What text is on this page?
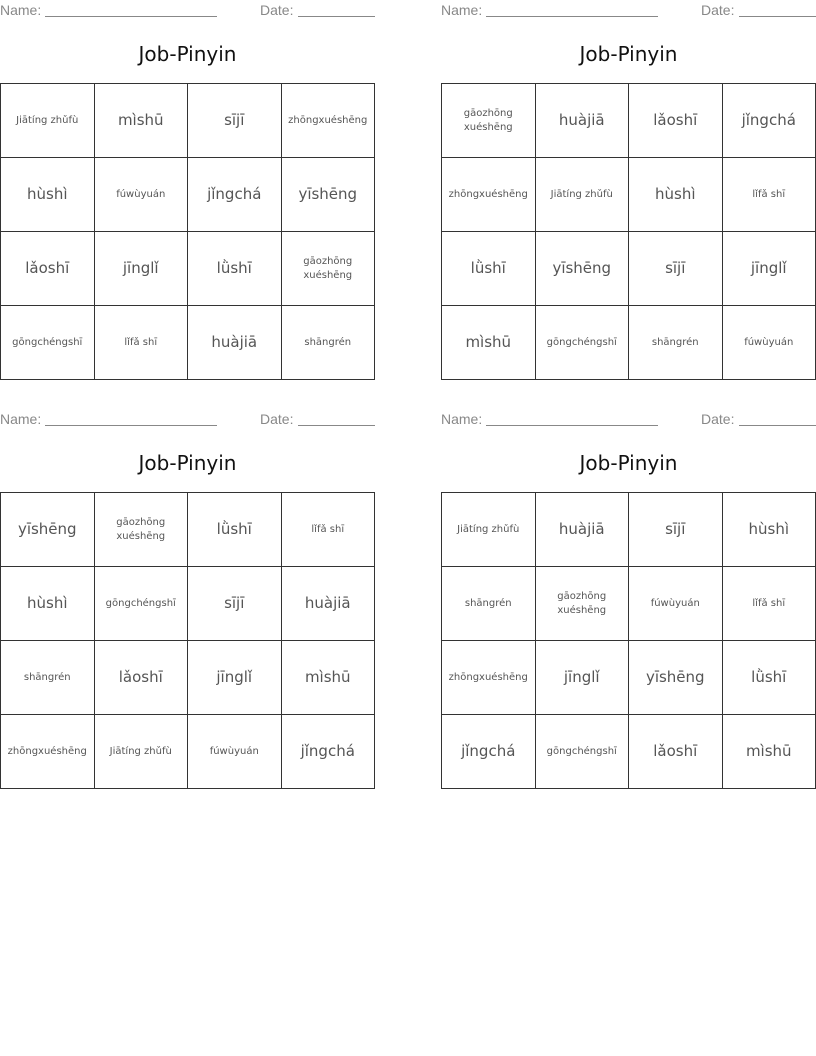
Name:	Date:
Job-Pinyin
Jiātíng zhǔfù	mìshū	sījī	zhōngxuéshēng
hùshì	fúwùyuán	jǐngchá	yīshēng
lǎoshī	jīnglǐ	lǜshī	gāozhōng xuéshēng
gōngchéngshī	lǐfǎ shī	huàjiā	shāngrén
Name:	Date:
Job-Pinyin
gāozhōng xuéshēng	huàjiā	lǎoshī	jǐngchá
zhōngxuéshēng	Jiātíng zhǔfù	hùshì	lǐfǎ shī
lǜshī	yīshēng	sījī	jīnglǐ
mìshū	gōngchéngshī	shāngrén	fúwùyuán
Name:	Date:
Job-Pinyin
yīshēng	gāozhōng xuéshēng	lǜshī	lǐfǎ shī
hùshì	gōngchéngshī	sījī	huàjiā
shāngrén	lǎoshī	jīnglǐ	mìshū
zhōngxuéshēng	Jiātíng zhǔfù	fúwùyuán	jǐngchá
Name:	Date:
Job-Pinyin
Jiātíng zhǔfù	huàjiā	sījī	hùshì
shāngrén	gāozhōng xuéshēng	fúwùyuán	lǐfǎ shī
zhōngxuéshēng	jīnglǐ	yīshēng	lǜshī
jǐngchá	gōngchéngshī	lǎoshī	mìshū
